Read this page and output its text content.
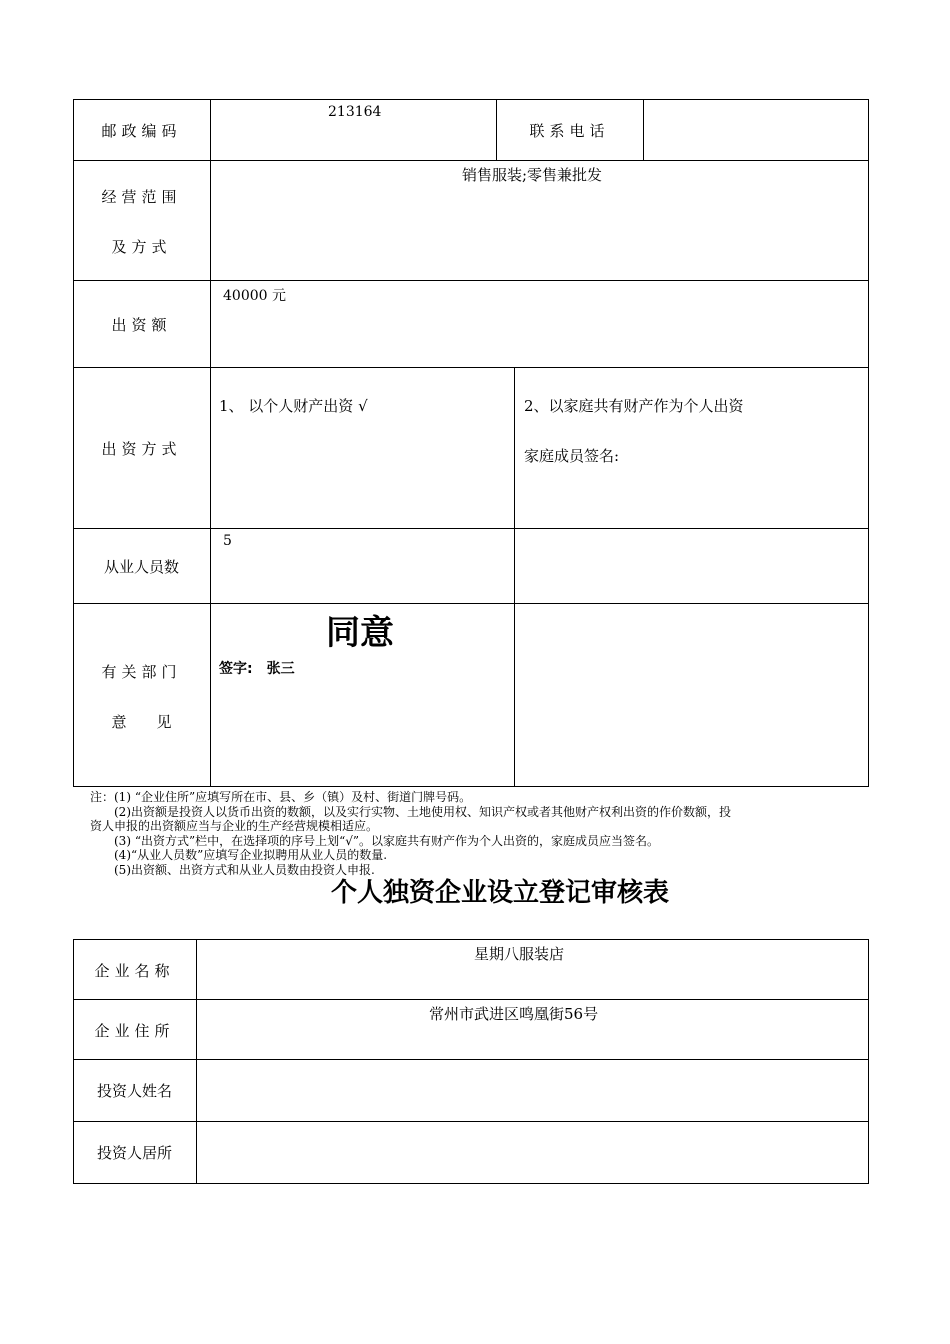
邮政编码
213164
联系电话
经营范围
及方式
销售服装;零售兼批发
出资额
40000 元
出资方式
1、 以个人财产出资 √	2、以家庭共有财产作为个人出资
家庭成员签名:
从业人员数
5
有关部门
意　　见
同意
签字:　张三
注：(1) “企业住所”应填写所在市、县、乡（镇）及村、街道门牌号码。
　　(2)出资额是投资人以货币出资的数额，以及实行实物、土地使用权、知识产权或者其他财产权利出资的作价数额，投
资人申报的出资额应当与企业的生产经营规模相适应。
　　(3) “出资方式”栏中，在选择项的序号上划“√”。以家庭共有财产作为个人出资的，家庭成员应当签名。
　　(4)“从业人员数”应填写企业拟聘用从业人员的数量.
　　(5)出资额、出资方式和从业人员数由投资人申报.
个人独资企业设立登记审核表
企业名称
星期八服装店
企业住所
常州市武进区鸣凰街56号
投资人姓名
投资人居所
